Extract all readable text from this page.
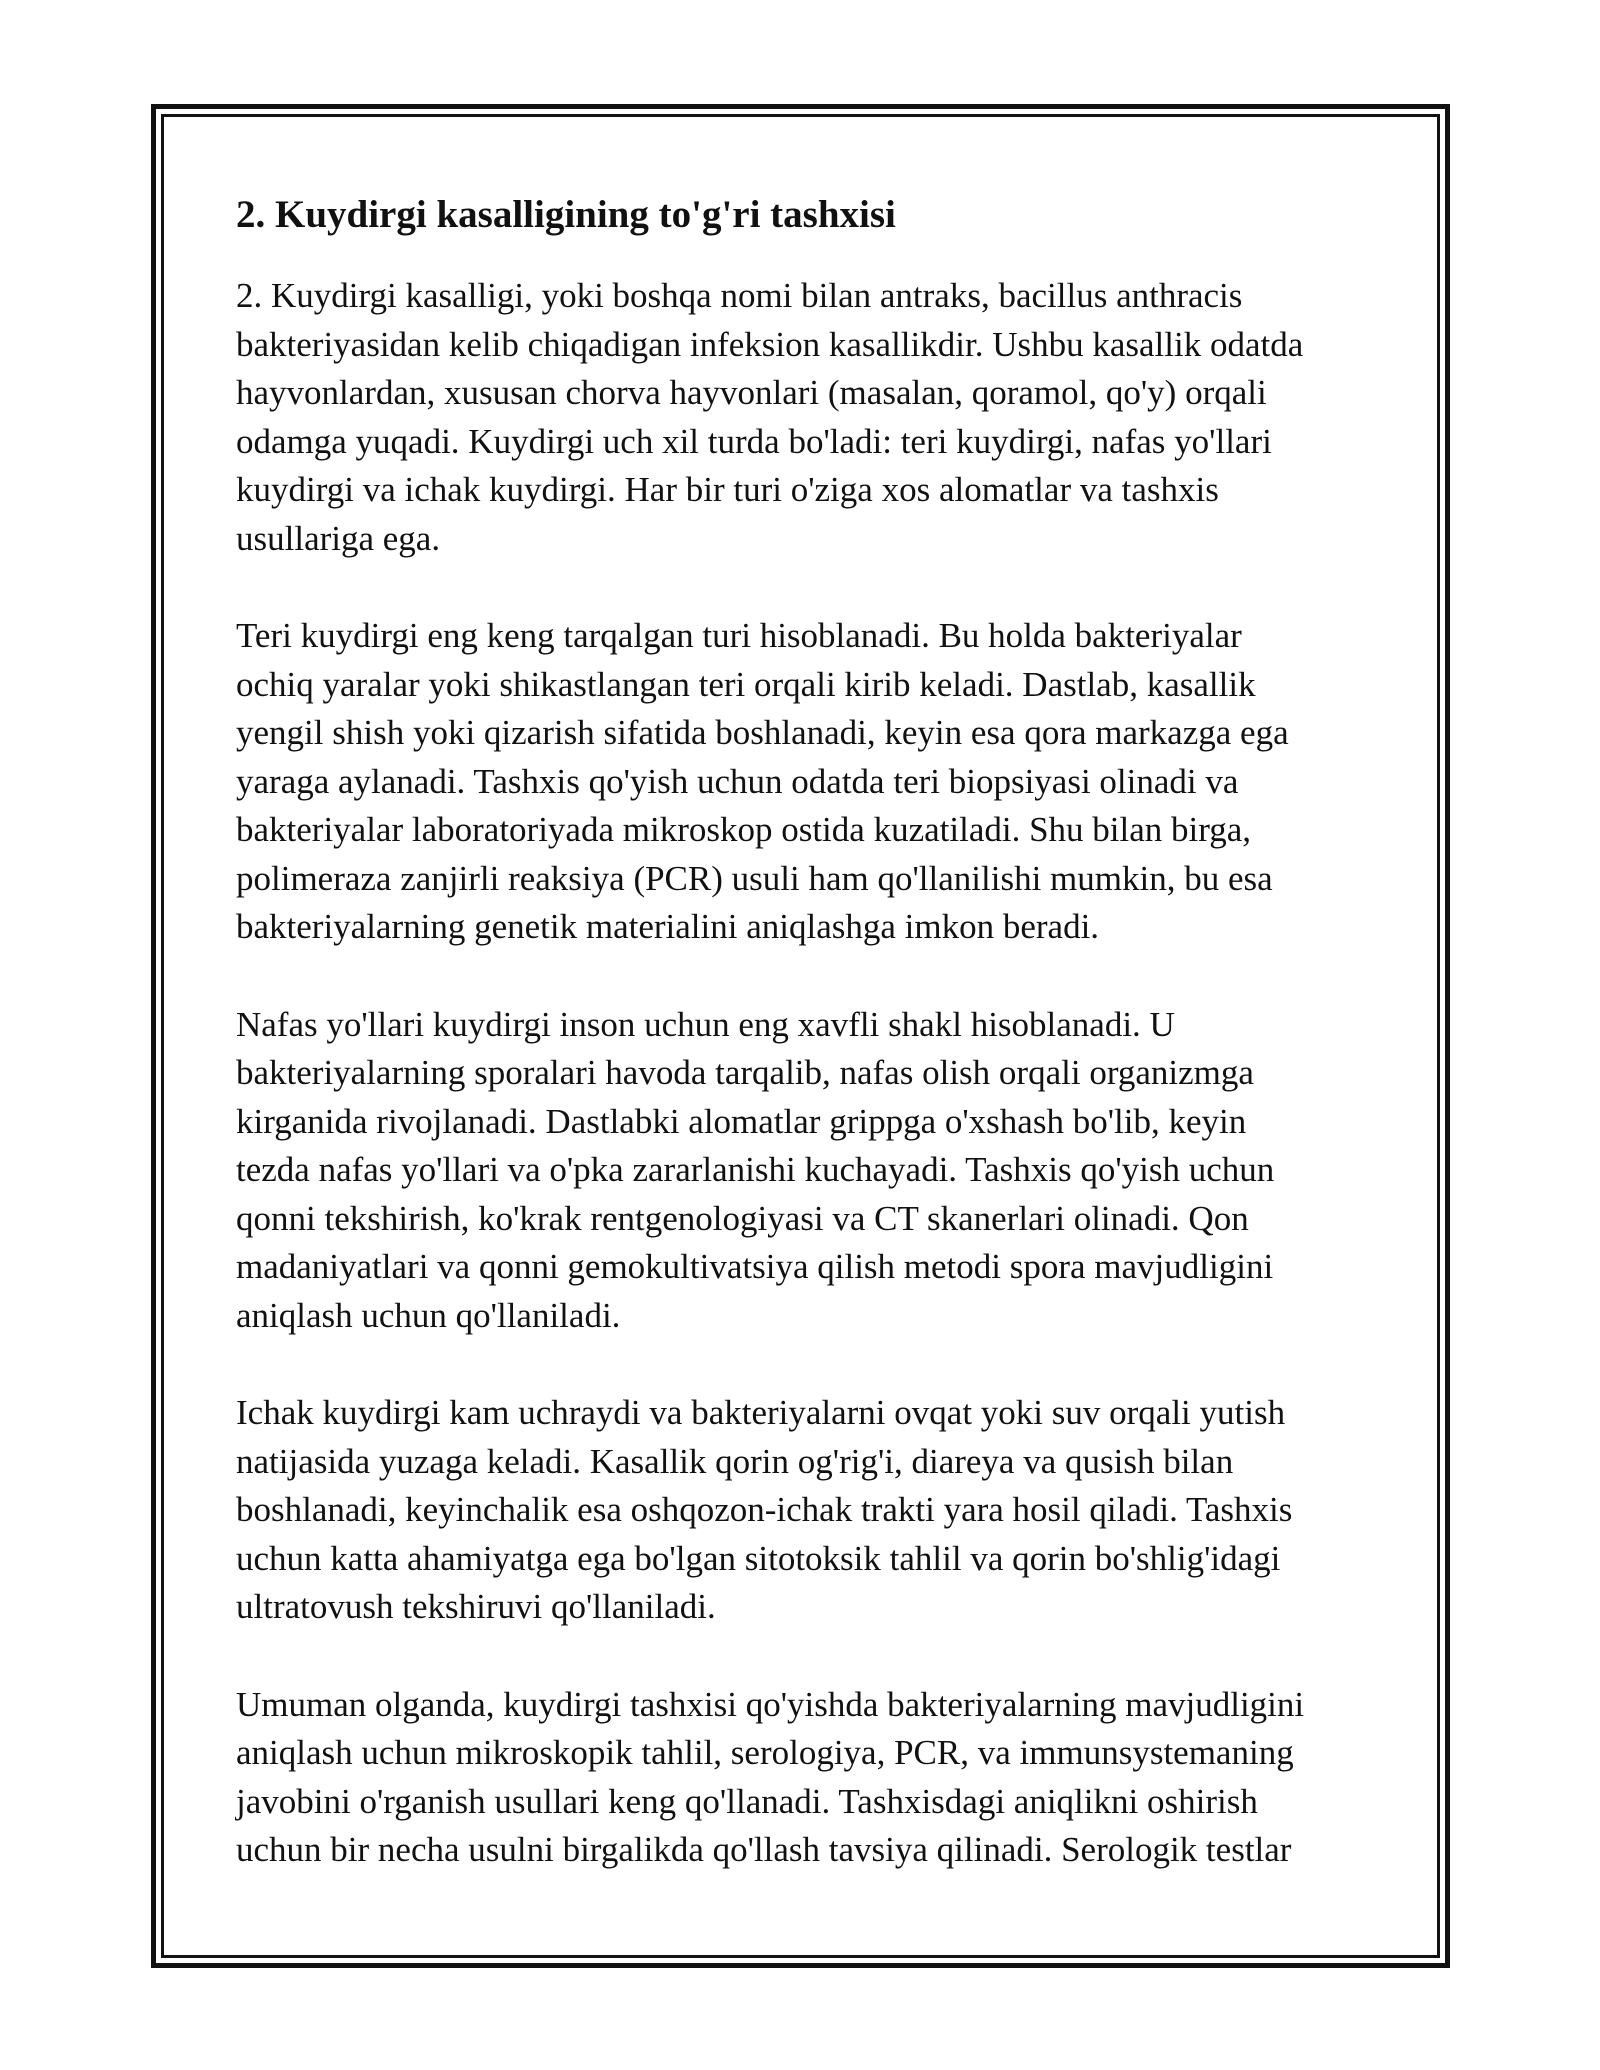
2. Kuydirgi kasalligining to'g'ri tashxisi

2. Kuydirgi kasalligi, yoki boshqa nomi bilan antraks, bacillus anthracis
bakteriyasidan kelib chiqadigan infeksion kasallikdir. Ushbu kasallik odatda
hayvonlardan, xususan chorva hayvonlari (masalan, qoramol, qo'y) orqali
odamga yuqadi. Kuydirgi uch xil turda bo'ladi: teri kuydirgi, nafas yo'llari
kuydirgi va ichak kuydirgi. Har bir turi o'ziga xos alomatlar va tashxis
usullariga ega.

Teri kuydirgi eng keng tarqalgan turi hisoblanadi. Bu holda bakteriyalar
ochiq yaralar yoki shikastlangan teri orqali kirib keladi. Dastlab, kasallik
yengil shish yoki qizarish sifatida boshlanadi, keyin esa qora markazga ega
yaraga aylanadi. Tashxis qo'yish uchun odatda teri biopsiyasi olinadi va
bakteriyalar laboratoriyada mikroskop ostida kuzatiladi. Shu bilan birga,
polimeraza zanjirli reaksiya (PCR) usuli ham qo'llanilishi mumkin, bu esa
bakteriyalarning genetik materialini aniqlashga imkon beradi.

Nafas yo'llari kuydirgi inson uchun eng xavfli shakl hisoblanadi. U
bakteriyalarning sporalari havoda tarqalib, nafas olish orqali organizmga
kirganida rivojlanadi. Dastlabki alomatlar grippga o'xshash bo'lib, keyin
tezda nafas yo'llari va o'pka zararlanishi kuchayadi. Tashxis qo'yish uchun
qonni tekshirish, ko'krak rentgenologiyasi va CT skanerlari olinadi. Qon
madaniyatlari va qonni gemokultivatsiya qilish metodi spora mavjudligini
aniqlash uchun qo'llaniladi.

Ichak kuydirgi kam uchraydi va bakteriyalarni ovqat yoki suv orqali yutish
natijasida yuzaga keladi. Kasallik qorin og'rig'i, diareya va qusish bilan
boshlanadi, keyinchalik esa oshqozon-ichak trakti yara hosil qiladi. Tashxis
uchun katta ahamiyatga ega bo'lgan sitotoksik tahlil va qorin bo'shlig'idagi
ultratovush tekshiruvi qo'llaniladi.

Umuman olganda, kuydirgi tashxisi qo'yishda bakteriyalarning mavjudligini
aniqlash uchun mikroskopik tahlil, serologiya, PCR, va immunsystemaning
javobini o'rganish usullari keng qo'llanadi. Tashxisdagi aniqlikni oshirish
uchun bir necha usulni birgalikda qo'llash tavsiya qilinadi. Serologik testlar
